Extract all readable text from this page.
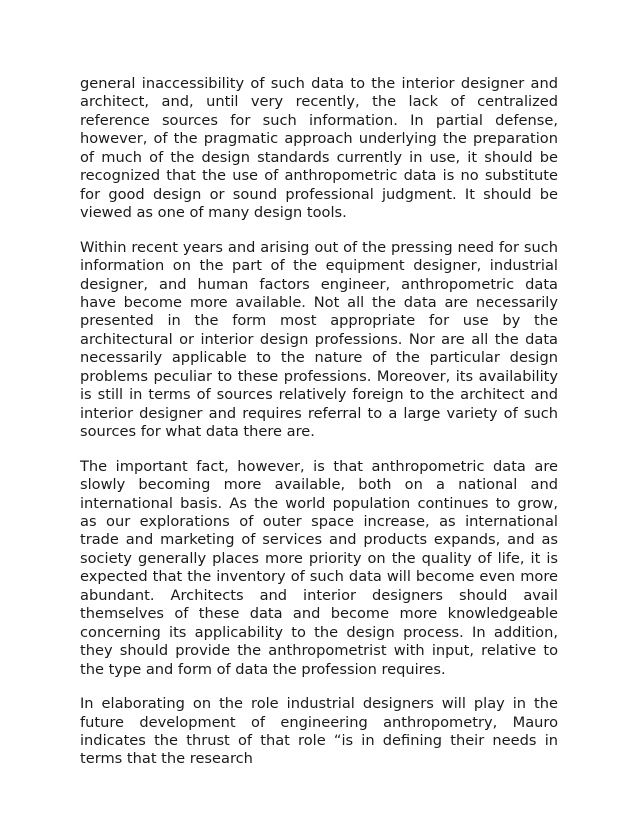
general inaccessibility of such data to the interior designer and architect, and, until very recently, the lack of centralized reference sources for such information. In partial defense, however, of the pragmatic approach underlying the preparation of much of the design standards currently in use, it should be recognized that the use of anthropometric data is no substitute for good design or sound professional judgment. It should be viewed as one of many design tools.

Within recent years and arising out of the pressing need for such information on the part of the equipment designer, industrial designer, and human factors engineer, anthropometric data have become more available. Not all the data are necessarily presented in the form most appropriate for use by the architectural or interior design professions. Nor are all the data necessarily applicable to the nature of the particular design problems peculiar to these professions. Moreover, its availability is still in terms of sources relatively foreign to the architect and interior designer and requires referral to a large variety of such sources for what data there are.

The important fact, however, is that anthropometric data are slowly becoming more available, both on a national and international basis. As the world population continues to grow, as our explorations of outer space increase, as international trade and marketing of services and products expands, and as society generally places more priority on the quality of life, it is expected that the inventory of such data will become even more abundant. Architects and interior designers should avail themselves of these data and become more knowledgeable concerning its applicability to the design process. In addition, they should provide the anthropometrist with input, relative to the type and form of data the profession requires.

In elaborating on the role industrial designers will play in the future development of engineering anthropometry, Mauro indicates the thrust of that role “is in defining their needs in terms that the research
